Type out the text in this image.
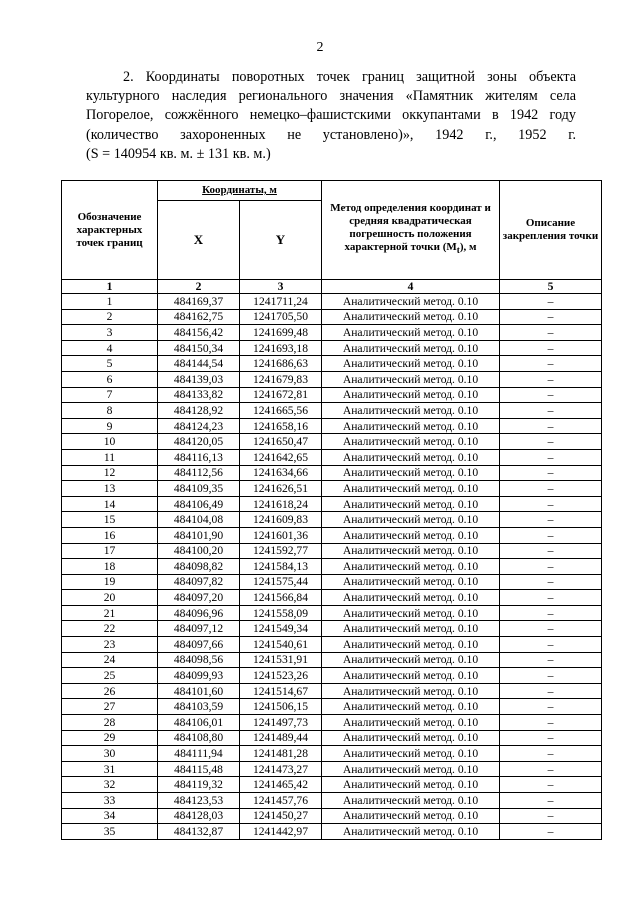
2

2. Координаты поворотных точек границ защитной зоны объекта
культурного наследия регионального значения «Памятник жителям села
Погорелое, сожжённого немецко–фашистскими оккупантами в 1942 году
(количество захороненных не установлено)», 1942 г., 1952 г.
(S = 140954 кв. м. ± 131 кв. м.)

Обозначение характерных точек границ	Координаты, м		Метод определения координат и средняя квадратическая погрешность положения характерной точки $(M_t)$, м	Описание закрепления точки
	X	Y		
1	2	3	4	5
1	484169,37	1241711,24	Аналитический метод. 0.10	–
2	484162,75	1241705,50	Аналитический метод. 0.10	–
3	484156,42	1241699,48	Аналитический метод. 0.10	–
4	484150,34	1241693,18	Аналитический метод. 0.10	–
5	484144,54	1241686,63	Аналитический метод. 0.10	–
6	484139,03	1241679,83	Аналитический метод. 0.10	–
7	484133,82	1241672,81	Аналитический метод. 0.10	–
8	484128,92	1241665,56	Аналитический метод. 0.10	–
9	484124,23	1241658,16	Аналитический метод. 0.10	–
10	484120,05	1241650,47	Аналитический метод. 0.10	–
11	484116,13	1241642,65	Аналитический метод. 0.10	–
12	484112,56	1241634,66	Аналитический метод. 0.10	–
13	484109,35	1241626,51	Аналитический метод. 0.10	–
14	484106,49	1241618,24	Аналитический метод. 0.10	–
15	484104,08	1241609,83	Аналитический метод. 0.10	–
16	484101,90	1241601,36	Аналитический метод. 0.10	–
17	484100,20	1241592,77	Аналитический метод. 0.10	–
18	484098,82	1241584,13	Аналитический метод. 0.10	–
19	484097,82	1241575,44	Аналитический метод. 0.10	–
20	484097,20	1241566,84	Аналитический метод. 0.10	–
21	484096,96	1241558,09	Аналитический метод. 0.10	–
22	484097,12	1241549,34	Аналитический метод. 0.10	–
23	484097,66	1241540,61	Аналитический метод. 0.10	–
24	484098,56	1241531,91	Аналитический метод. 0.10	–
25	484099,93	1241523,26	Аналитический метод. 0.10	–
26	484101,60	1241514,67	Аналитический метод. 0.10	–
27	484103,59	1241506,15	Аналитический метод. 0.10	–
28	484106,01	1241497,73	Аналитический метод. 0.10	–
29	484108,80	1241489,44	Аналитический метод. 0.10	–
30	484111,94	1241481,28	Аналитический метод. 0.10	–
31	484115,48	1241473,27	Аналитический метод. 0.10	–
32	484119,32	1241465,42	Аналитический метод. 0.10	–
33	484123,53	1241457,76	Аналитический метод. 0.10	–
34	484128,03	1241450,27	Аналитический метод. 0.10	–
35	484132,87	1241442,97	Аналитический метод. 0.10	–
